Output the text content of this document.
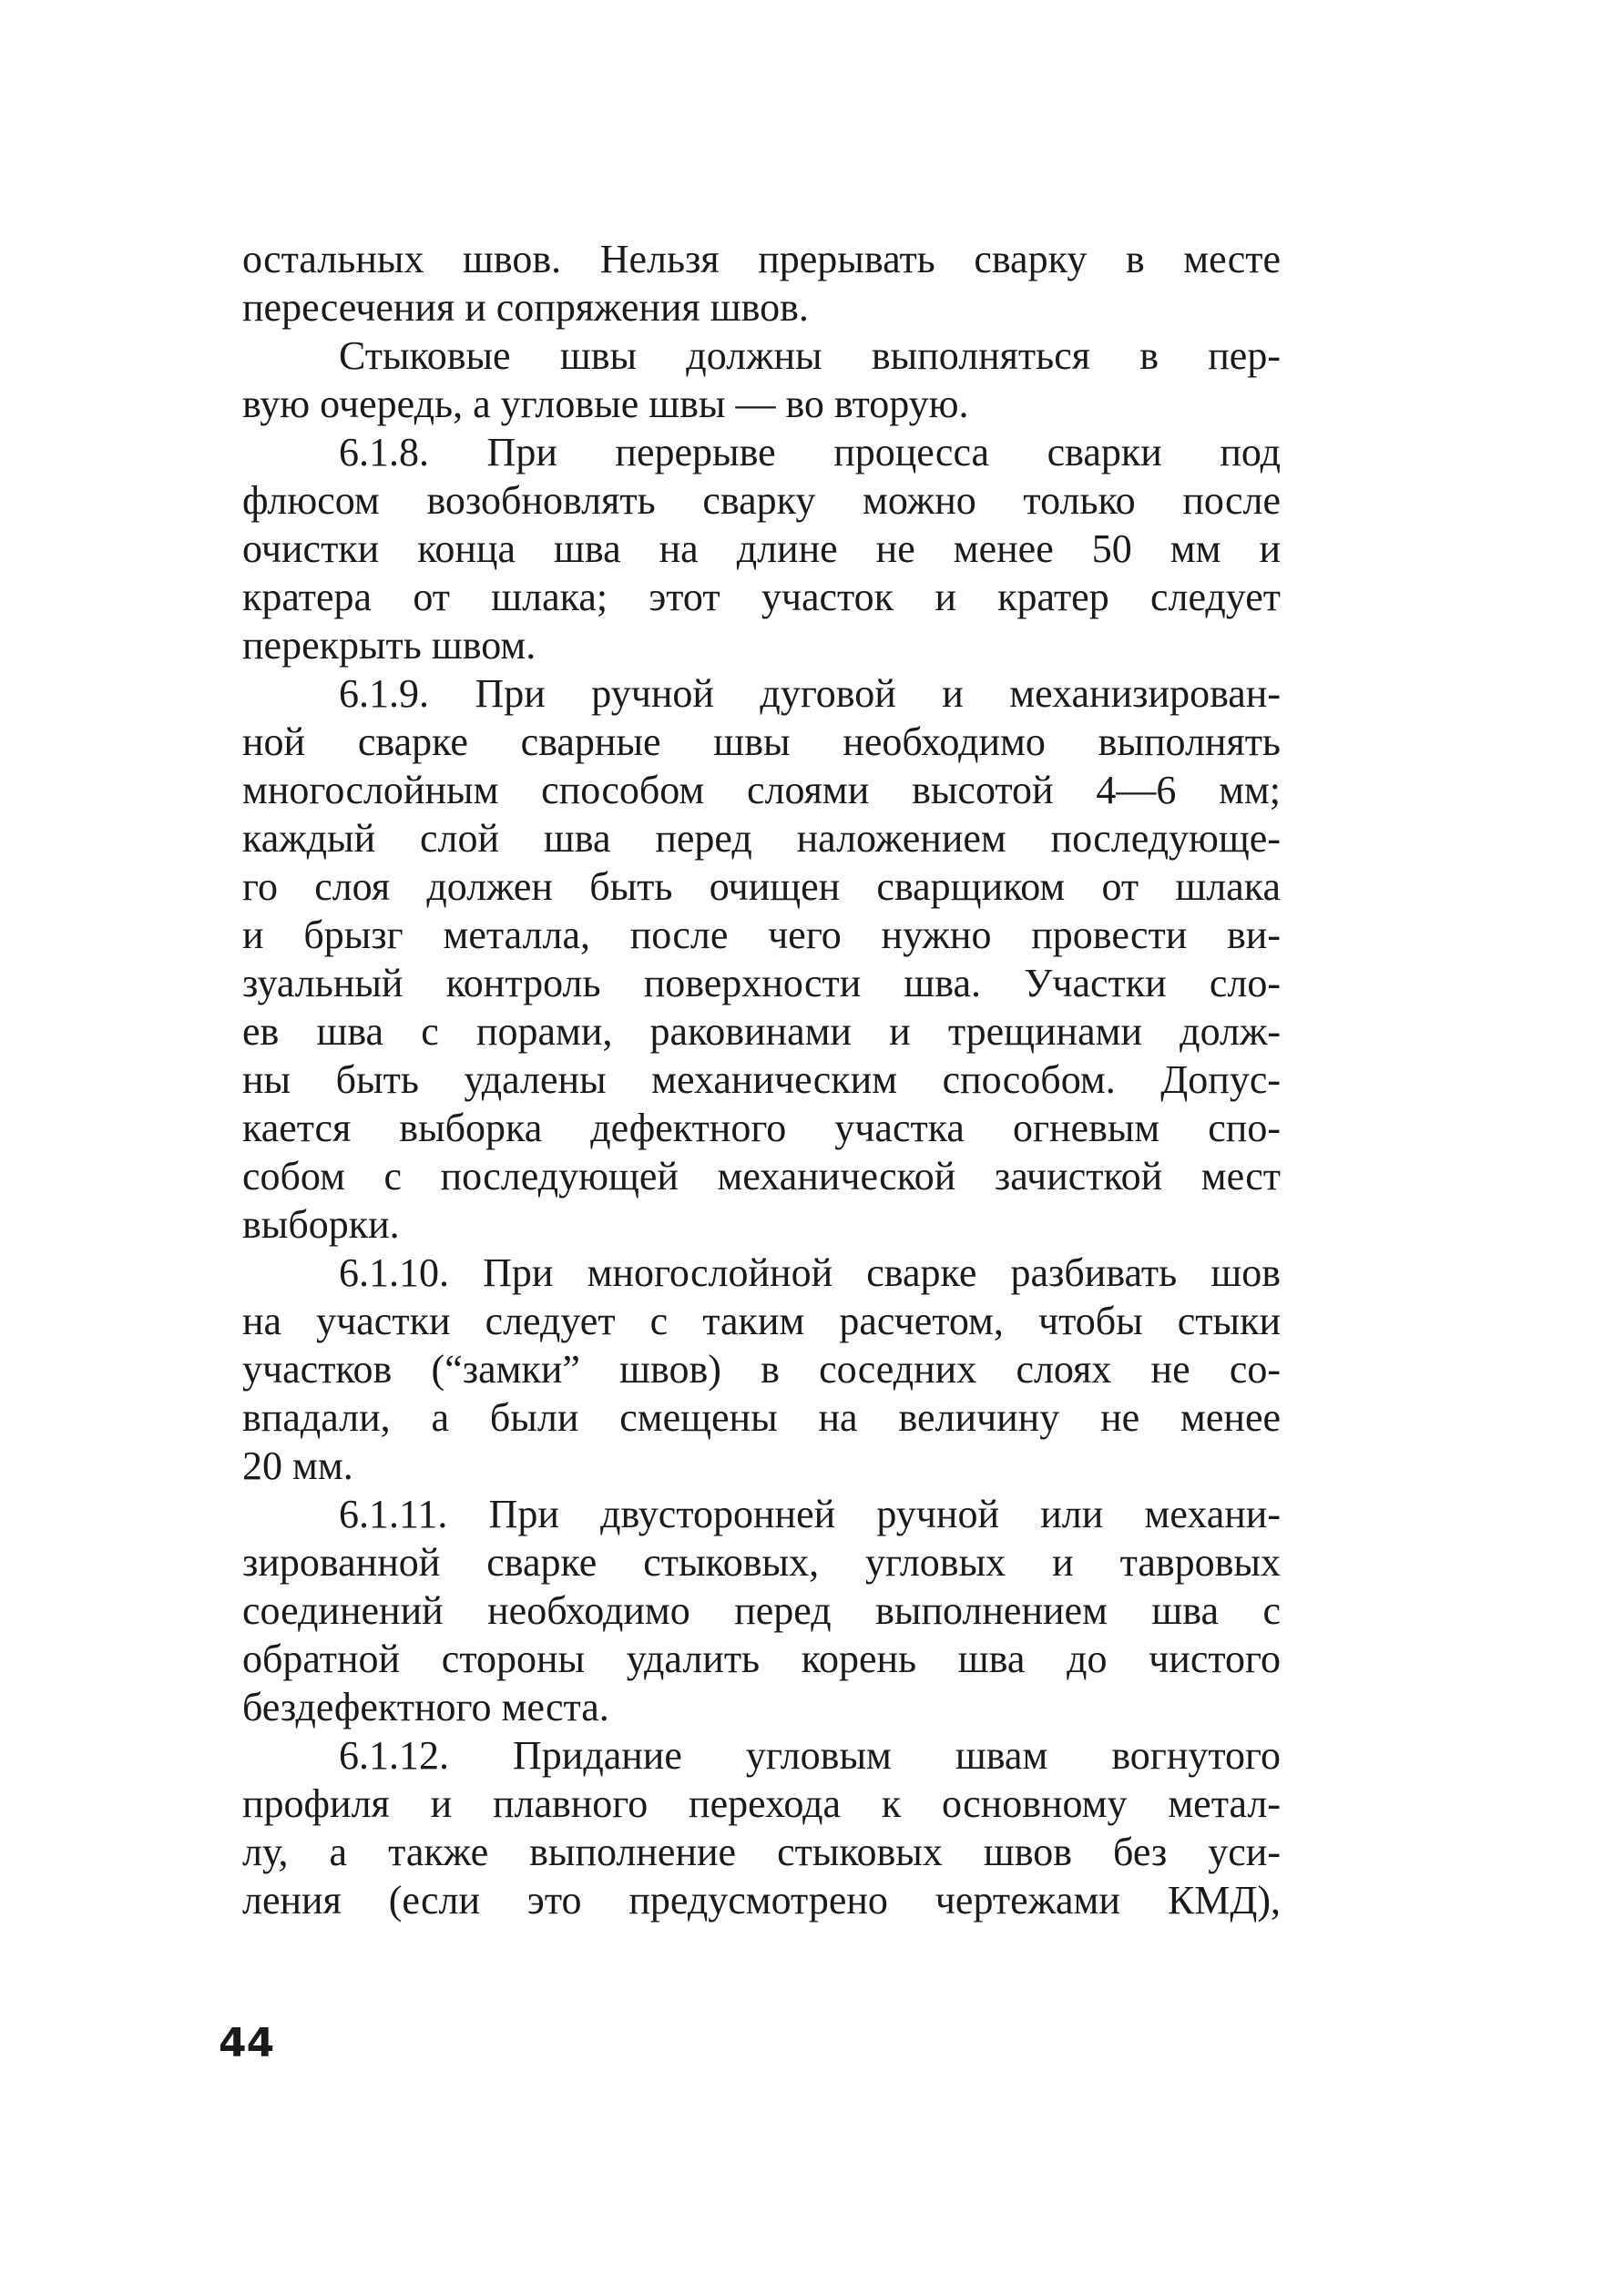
остальных швов. Нельзя прерывать сварку в месте
пересечения и сопряжения швов.
Стыковые швы должны выполняться в пер-
вую очередь, а угловые швы — во вторую.
6.1.8. При перерыве процесса сварки под
флюсом возобновлять сварку можно только после
очистки конца шва на длине не менее 50 мм и
кратера от шлака; этот участок и кратер следует
перекрыть швом.
6.1.9. При ручной дуговой и механизирован-
ной сварке сварные швы необходимо выполнять
многослойным способом слоями высотой 4—6 мм;
каждый слой шва перед наложением последующе-
го слоя должен быть очищен сварщиком от шлака
и брызг металла, после чего нужно провести ви-
зуальный контроль поверхности шва. Участки сло-
ев шва с порами, раковинами и трещинами долж-
ны быть удалены механическим способом. Допус-
кается выборка дефектного участка огневым спо-
собом с последующей механической зачисткой мест
выборки.
6.1.10. При многослойной сварке разбивать шов
на участки следует с таким расчетом, чтобы стыки
участков (“замки” швов) в соседних слоях не со-
впадали, а были смещены на величину не менее
20 мм.
6.1.11. При двусторонней ручной или механи-
зированной сварке стыковых, угловых и тавровых
соединений необходимо перед выполнением шва с
обратной стороны удалить корень шва до чистого
бездефектного места.
6.1.12. Придание угловым швам вогнутого
профиля и плавного перехода к основному метал-
лу, а также выполнение стыковых швов без уси-
ления (если это предусмотрено чертежами КМД),
44
